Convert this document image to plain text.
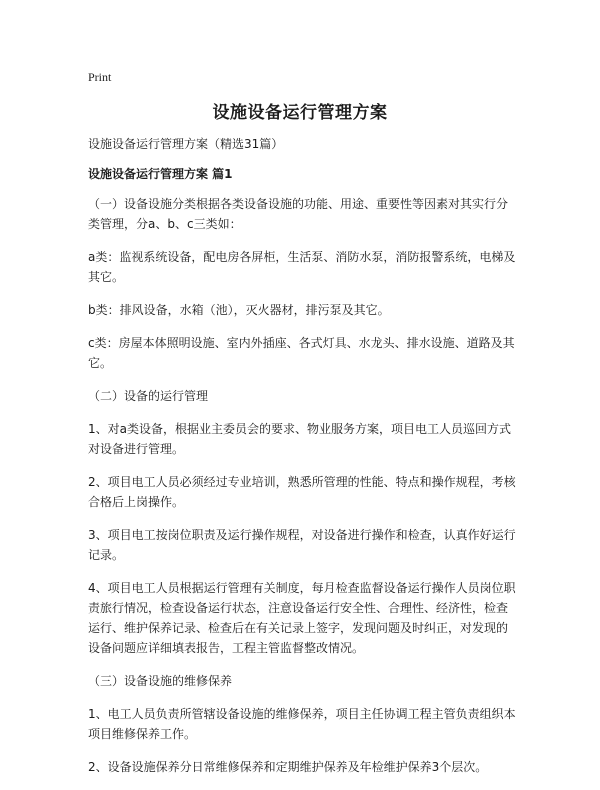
Print
设施设备运行管理方案

设施设备运行管理方案（精选31篇）

设施设备运行管理方案 篇1

（一）设备设施分类根据各类设备设施的功能、用途、重要性等因素对其实行分类管理，分a、b、c三类如：

a类：监视系统设备，配电房各屏柜，生活泵、消防水泵，消防报警系统，电梯及其它。

b类：排风设备，水箱（池），灭火器材，排污泵及其它。

c类：房屋本体照明设施、室内外插座、各式灯具、水龙头、排水设施、道路及其它。

（二）设备的运行管理

1、对a类设备，根据业主委员会的要求、物业服务方案，项目电工人员巡回方式对设备进行管理。

2、项目电工人员必须经过专业培训，熟悉所管理的性能、特点和操作规程，考核合格后上岗操作。

3、项目电工按岗位职责及运行操作规程，对设备进行操作和检查，认真作好运行记录。

4、项目电工人员根据运行管理有关制度，每月检查监督设备运行操作人员岗位职责旅行情况，检查设备运行状态，注意设备运行安全性、合理性、经济性，检查运行、维护保养记录、检查后在有关记录上签字，发现问题及时纠正，对发现的设备问题应详细填表报告，工程主管监督整改情况。

（三）设备设施的维修保养

1、电工人员负责所管辖设备设施的维修保养，项目主任协调工程主管负责组织本项目维修保养工作。

2、设备设施保养分日常维修保养和定期维护保养及年检维护保养3个层次。
